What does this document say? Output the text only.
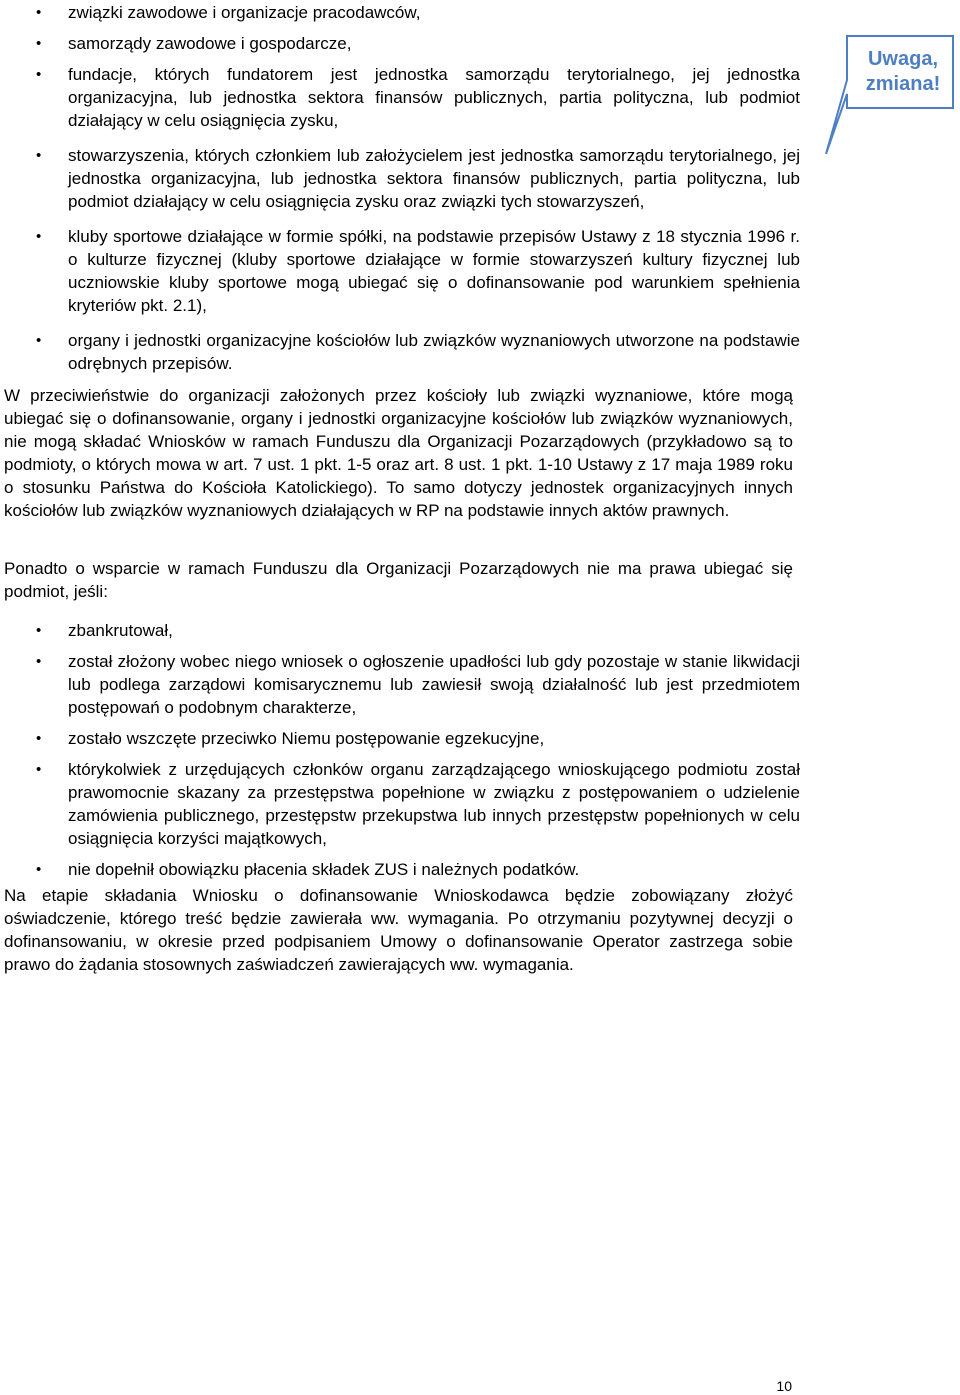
• związki zawodowe i organizacje pracodawców,
• samorządy zawodowe i gospodarcze,
• fundacje, których fundatorem jest jednostka samorządu terytorialnego, jej jednostka organizacyjna, lub jednostka sektora finansów publicznych, partia polityczna, lub podmiot działający w celu osiągnięcia zysku,
• stowarzyszenia, których członkiem lub założycielem jest jednostka samorządu terytorialnego, jej jednostka organizacyjna, lub jednostka sektora finansów publicznych, partia polityczna, lub podmiot działający w celu osiągnięcia zysku oraz związki tych stowarzyszeń,
• kluby sportowe działające w formie spółki, na podstawie przepisów Ustawy z 18 stycznia 1996 r. o kulturze fizycznej (kluby sportowe działające w formie stowarzyszeń kultury fizycznej lub uczniowskie kluby sportowe mogą ubiegać się o dofinansowanie pod warunkiem spełnienia kryteriów pkt. 2.1),
• organy i jednostki organizacyjne kościołów lub związków wyznaniowych utworzone na podstawie odrębnych przepisów.
Uwaga, zmiana!

W przeciwieństwie do organizacji założonych przez kościoły lub związki wyznaniowe, które mogą ubiegać się o dofinansowanie, organy i jednostki organizacyjne kościołów lub związków wyznaniowych, nie mogą składać Wniosków w ramach Funduszu dla Organizacji Pozarządowych (przykładowo są to podmioty, o których mowa w art. 7 ust. 1 pkt. 1-5 oraz art. 8 ust. 1 pkt. 1-10 Ustawy z 17 maja 1989 roku o stosunku Państwa do Kościoła Katolickiego). To samo dotyczy jednostek organizacyjnych innych kościołów lub związków wyznaniowych działających w RP na podstawie innych aktów prawnych.

Ponadto o wsparcie w ramach Funduszu dla Organizacji Pozarządowych nie ma prawa ubiegać się podmiot, jeśli:

• zbankrutował,
• został złożony wobec niego wniosek o ogłoszenie upadłości lub gdy pozostaje w stanie likwidacji lub podlega zarządowi komisarycznemu lub zawiesił swoją działalność lub jest przedmiotem postępowań o podobnym charakterze,
• zostało wszczęte przeciwko Niemu postępowanie egzekucyjne,
• którykolwiek z urzędujących członków organu zarządzającego wnioskującego podmiotu został prawomocnie skazany za przestępstwa popełnione w związku z postępowaniem o udzielenie zamówienia publicznego, przestępstw przekupstwa lub innych przestępstw popełnionych w celu osiągnięcia korzyści majątkowych,
• nie dopełnił obowiązku płacenia składek ZUS i należnych podatków.

Na etapie składania Wniosku o dofinansowanie Wnioskodawca będzie zobowiązany złożyć oświadczenie, którego treść będzie zawierała ww. wymagania. Po otrzymaniu pozytywnej decyzji o dofinansowaniu, w okresie przed podpisaniem Umowy o dofinansowanie Operator zastrzega sobie prawo do żądania stosownych zaświadczeń zawierających ww. wymagania.

10
